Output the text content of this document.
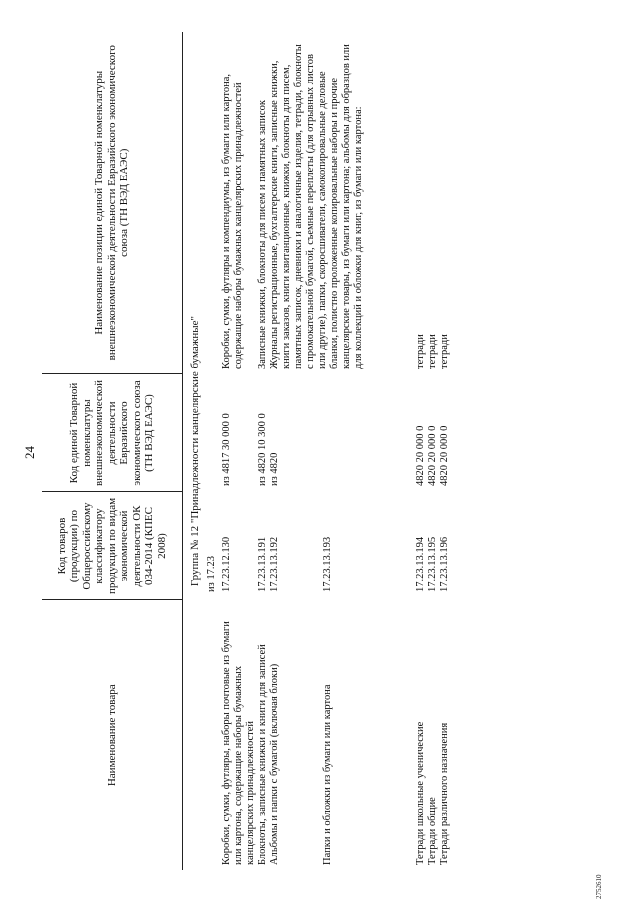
24
Наименование товара	Код товаров (продукции) по Общероссийскому классификатору продукции по видам экономической деятельности ОК 034-2014 (КПЕС 2008)	Код единой Товарной номенклатуры внешнеэкономической деятельности Евразийского экономического союза (ТН ВЭД ЕАЭС)	Наименование позиции единой Товарной номенклатуры внешнеэкономической деятельности Евразийского экономического союза (ТН ВЭД ЕАЭС)
Группа № 12 "Принадлежности канцелярские бумажные"			
	из 17.23		

Коробки, сумки, футляры, наборы почтовые из бумаги или картона, содержащие наборы бумажных канцелярских принадлежностей	17.23.12.130	из 4817 30 000 0	Коробки, сумки, футляры и компендиумы, из бумаги или картона, содержащие наборы бумажных канцелярских принадлежностей
Блокноты, записные книжки и книги для записей	17.23.13.191	из 4820 10 300 0	Записные книжки, блокноты для писем и памятных записок
Альбомы и папки с бумагой (включая блоки)	17.23.13.192	из 4820	Журналы регистрационные, бухгалтерские книги, записные книжки, книги заказов, книги квитанционные, книжки, блокноты для писем, памятных записок, дневники и аналогичные изделия, тетради, блокноты с промокательной бумагой, съемные переплеты (для отрывных листов или другие), папки, скоросшиватели, самокопировальные деловые бланки, полистно проложенные копировальные наборы и прочие канцелярские товары, из бумаги или картона; альбомы для образцов или для коллекций и обложки для книг, из бумаги или картона:
Папки и обложки из бумаги или картона	17.23.13.193		

Тетради школьные ученические	17.23.13.194	4820 20 000 0	тетради
Тетради общие	17.23.13.195	4820 20 000 0	тетради
Тетради различного назначения	17.23.13.196	4820 20 000 0	тетради
2752610
